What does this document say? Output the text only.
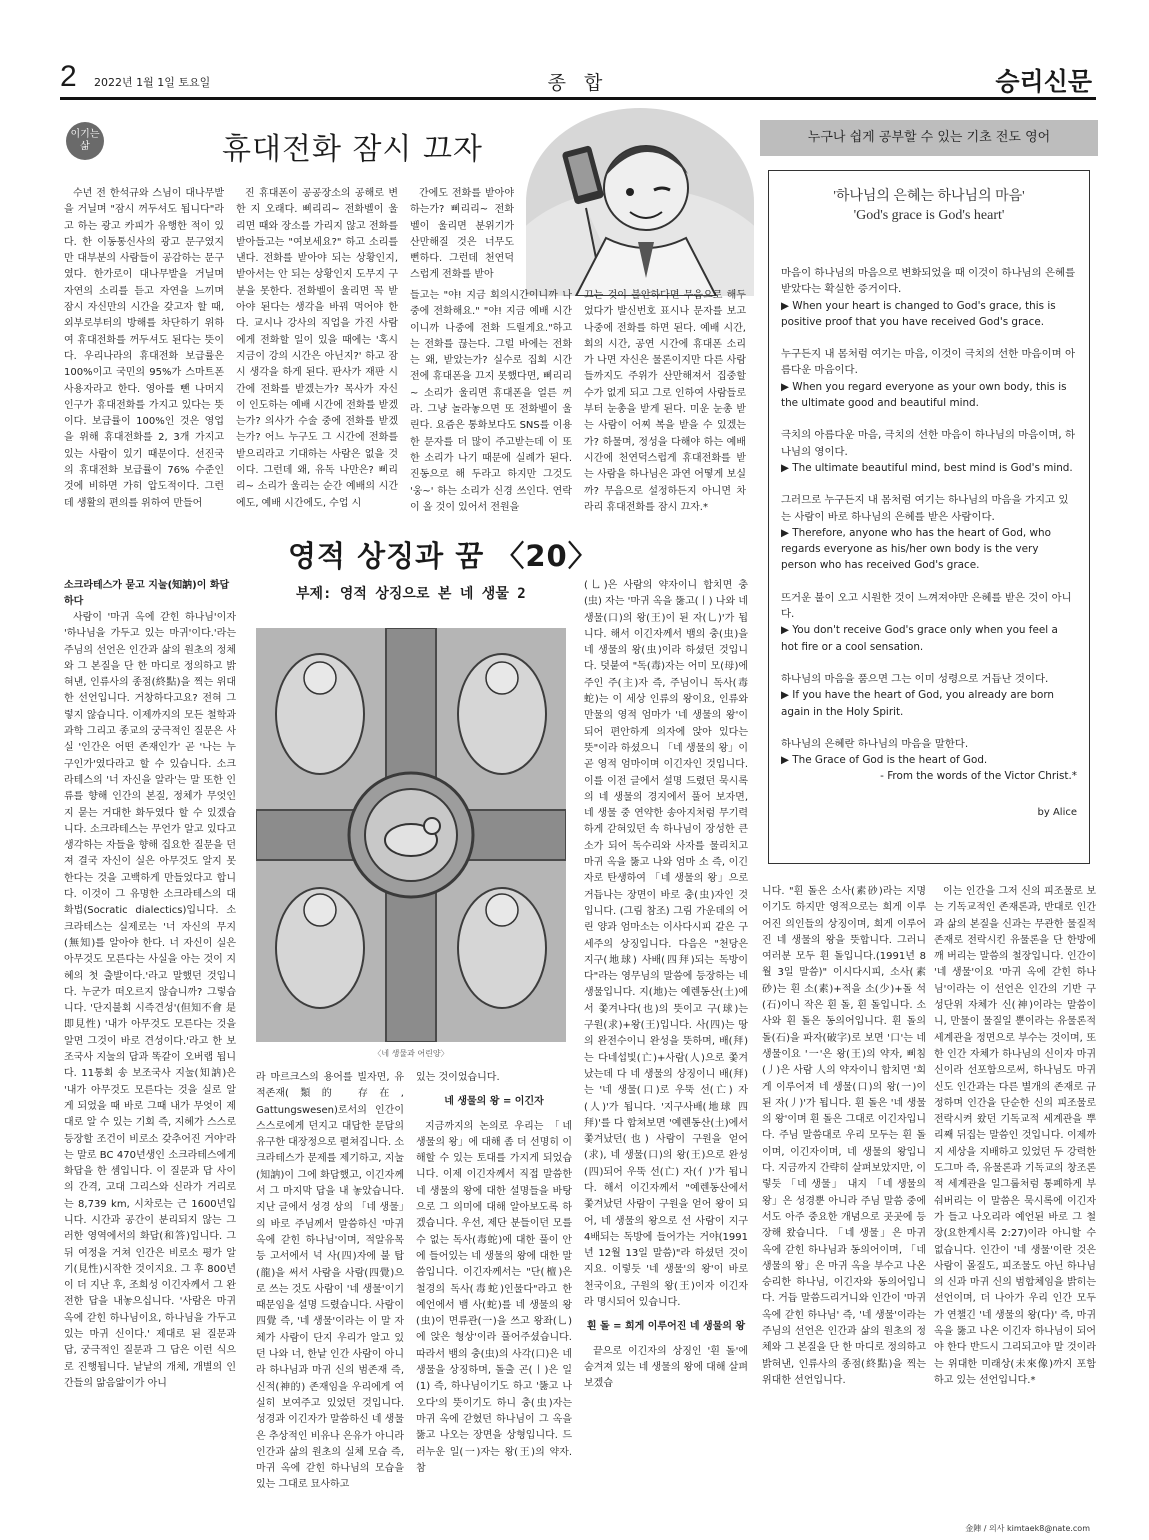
2 2022년 1월 1일 토요일	종 합	승리신문
이기는
삶	휴대전화 잠시 끄자

수년 전 한석규와 스님이 대나무밭을 거닐며 "잠시 꺼두셔도 됩니다"라고 하는 광고 카피가 유행한 적이 있다. 한 이동통신사의 광고 문구였지만 대부분의 사람들이 공감하는 문구였다. 한가로이 대나무밭을 거닐며 자연의 소리를 듣고 자연을 느끼며 잠시 자신만의 시간을 갖고자 할 때, 외부로부터의 방해를 차단하기 위하여 휴대전화를 꺼두셔도 된다는 뜻이다. 우리나라의 휴대전화 보급률은 100%이고 국민의 95%가 스마트폰 사용자라고 한다. 영아를 뺀 나머지 인구가 휴대전화를 가지고 있다는 뜻이다. 보급률이 100%인 것은 영업을 위해 휴대전화를 2, 3개 가지고 있는 사람이 있기 때문이다. 선진국의 휴대전화 보급률이 76% 수준인 것에 비하면 가히 압도적이다. 그런데 생활의 편의를 위하여 만들어

진 휴대폰이 공공장소의 공해로 변한 지 오래다. 삐리리~ 전화벨이 울리면 때와 장소를 가리지 않고 전화를 받아들고는 "여보세요?" 하고 소리를 낸다. 전화를 받아야 되는 상황인지, 받아서는 안 되는 상황인지 도무지 구분을 못한다. 전화벨이 울리면 꼭 받아야 된다는 생각을 바꿔 먹어야 한다. 교시나 강사의 직업을 가진 사람에게 전화할 일이 있을 때에는 '혹시 지금이 강의 시간은 아닌지?' 하고 잠시 생각을 하게 된다. 판사가 재판 시간에 전화를 받겠는가? 목사가 자신이 인도하는 예배 시간에 전화를 받겠는가? 의사가 수술 중에 전화를 받겠는가? 어느 누구도 그 시간에 전화를 받으리라고 기대하는 사람은 없을 것이다. 그런데 왜, 유독 나만은? 삐리리~ 소리가 울리는 순간 예배의 시간에도, 예배 시간에도, 수업 시

간에도 전화를 받아야 하는가? 삐리리~ 전화벨이 울리면 분위기가 산만해질 것은 너무도 뻔하다. 그런데 천연덕스럽게 전화를 받아

들고는 "야! 지금 회의시간이니까 나중에 전화해요." "야! 지금 예배 시간이니까 나중에 전화 드릴게요."하고는 전화를 끊는다. 그럴 바에는 전화는 왜, 받았는가? 실수로 집회 시간 전에 휴대폰을 끄지 못했다면, 삐리리~ 소리가 울리면 휴대폰을 얼른 꺼라. 그냥 놀라놓으면 또 전화벨이 울린다. 요즘은 통화보다도 SNS를 이용한 문자를 더 많이 주고받는데 이 또한 소리가 나기 때문에 실례가 된다. 진동으로 해 두라고 하지만 그것도 '웅~' 하는 소리가 신경 쓰인다. 연락이 올 것이 있어서 전원을

끄는 것이 불안하다면 무음으로 해두었다가 발신번호 표시나 문자를 보고 나중에 전화를 하면 된다. 예배 시간, 회의 시간, 공연 시간에 휴대폰 소리가 나면 자신은 물론이지만 다른 사람들까지도 주위가 산만해져서 집중할 수가 없게 되고 그로 인하여 사람들로부터 눈총을 받게 된다. 미운 눈총 받는 사람이 어찌 복을 받을 수 있겠는가? 하물며, 정성을 다해야 하는 예배 시간에 천연덕스럽게 휴대전화를 받는 사람을 하나님은 과연 어떻게 보실까? 무음으로 설정하든지 아니면 차라리 휴대전화를 잠시 끄자.*

누구나 쉽게 공부할 수 있는 기초 전도 영어
'하나님의 은혜는 하나님의 마음'
'God's grace is God's heart'
마음이 하나님의 마음으로 변화되었을 때 이것이 하나님의 은혜를 받았다는 확실한 증거이다.
▶ When your heart is changed to God's grace, this is positive proof that you have received God's grace.
누구든지 내 몸처럼 여기는 마음, 이것이 극치의 선한 마음이며 아름다운 마음이다.
▶ When you regard everyone as your own body, this is the ultimate good and beautiful mind.
극치의 아름다운 마음, 극치의 선한 마음이 하나님의 마음이며, 하나님의 영이다.
▶ The ultimate beautiful mind, best mind is God's mind.
그러므로 누구든지 내 몸처럼 여기는 하나님의 마음을 가지고 있는 사람이 바로 하나님의 은혜를 받은 사람이다.
▶ Therefore, anyone who has the heart of God, who regards everyone as his/her own body is the very person who has received God's grace.
뜨거운 불이 오고 시원한 것이 느껴져야만 은혜를 받은 것이 아니다.
▶ You don't receive God's grace only when you feel a hot fire or a cool sensation.
하나님의 마음을 품으면 그는 이미 성령으로 거듭난 것이다.
▶ If you have the heart of God, you already are born again in the Holy Spirit.
하나님의 은혜란 하나님의 마음을 말한다.
▶ The Grace of God is the heart of God.
- From the words of the Victor Christ.*
by Alice
영적 상징과 꿈 〈20〉
부제: 영적 상징으로 본 네 생물 2
소크라테스가 묻고 지눌(知訥)이 화답하다
〈네 생물과 어린양〉

사람이 '마귀 옥에 갇힌 하나님'이자 '하나님을 가두고 있는 마귀'이다.'라는 주님의 선언은 인간과 삶의 원초의 정체와 그 본질을 단 한 마디로 정의하고 밝혀낸, 인류사의 종점(終點)을 찍는 위대한 선언입니다. 거창하다고요? 전혀 그렇지 않습니다. 이제까지의 모든 철학과 과학 그리고 종교의 궁극적인 질문은 사실 '인간은 어떤 존재인가' 곧 '나는 누구인가'였다라고 할 수 있습니다. 소크라테스의 '너 자신을 알라'는 말 또한 인류를 향해 인간의 본질, 정체가 무엇인지 묻는 거대한 화두였다 할 수 있겠습니다. 소크라테스는 무언가 알고 있다고 생각하는 자들을 향해 집요한 질문을 던져 결국 자신이 실은 아무것도 알지 못한다는 것을 고백하게 만들었다고 합니다. 이것이 그 유명한 소크라테스의 대화법(Socratic dialectics)입니다. 소크라테스는 실제로는 '너 자신의 무지(無知)를 알아야 한다. 너 자신이 실은 아무것도 모른다는 사실을 아는 것이 지혜의 첫 출발이다.'라고 말했던 것입니다. 누군가 떠오르지 않습니까? 그렇습니다. '단지불회 시즉견성'(但知不會 是即見性) '내가 아무것도 모른다는 것을 알면 그것이 바로 견성이다.'라고 한 보조국사 지눌의 답과 똑같이 오버랩 됩니다. 11통회 송 보조국사 지눌(知訥)은 '내가 아무것도 모른다는 것을 실로 알게 되었을 때 바로 그때 내가 무엇이 제대로 알 수 있는 기회 즉, 지혜가 스스로 등장할 조건이 비로소 갖추어진 거야'라는 말로 BC 470년생인 소크라테스에게 화답을 한 셈입니다. 이 질문과 답 사이의 간격, 고대 그리스와 신라가 거리로는 8,739 km, 시차로는 근 1600년입니다. 시간과 공간이 분리되지 않는 그러한 영역에서의 화답(和答)입니다. 그 뒤 여정을 거쳐 인간은 비로소 평가 알기(見性)시작한 것이지요. 그 후 800년이 더 지난 후, 조희성 이긴자께서 그 완전한 답을 내놓으십니다. '사람은 마귀 옥에 갇힌 하나님이요, 하나님을 가두고 있는 마귀 신이다.' 제대로 된 질문과 답, 궁극적인 질문과 그 답은 이런 식으로 진행됩니다. 낱낱의 개체, 개별의 인간들의 앎음앎이가 아니

라 마르크스의 용어를 빌자면, 유적존재(類的 存在, Gattungswesen)로서의 인간이 스스로에게 던지고 대답한 문답의 유구한 대장정으로 펼쳐집니다. 소크라테스가 문제를 제기하고, 지눌(知訥)이 그에 화답했고, 이긴자께서 그 마지막 답을 내 놓았습니다. 지난 글에서 성경 상의 「네 생물」의 바로 주님께서 말씀하신 '마귀 옥에 갇힌 하나님'이며, 적알유목 등 고서에서 넉 사(四)자에 불 탑(龍)을 써서 사람을 사람(四覺)으로 쓰는 것도 사람이 '네 생물'이기 때문임을 설명 드렸습니다. 사람이 四覺 즉, '네 생물'이라는 이 말 자체가 사람이 단지 우리가 알고 있던 나와 너, 한낱 인간 사람이 아니라 하나님과 마귀 신의 범존재 즉, 신적(神的) 존재임을 우리에게 여실히 보여주고 있었던 것입니다. 성경과 이긴자가 말씀하신 네 생물은 추상적인 비유나 은유가 아니라 인간과 삶의 원초의 실체 모습 즉, 마귀 옥에 갇힌 하나님의 모습을 있는 그대로 묘사하고

있는 것이었습니다.

네 생물의 왕 = 이긴자

지금까지의 논의로 우리는 「네 생물의 왕」에 대해 좀 더 선명히 이해할 수 있는 토대를 가지게 되었습니다. 이제 이긴자께서 직접 말씀한 네 생물의 왕에 대한 설명들을 바탕으로 그 의미에 대해 알아보도록 하겠습니다. 우선, 제단 분들이던 모를 수 없는 독사(毒蛇)에 대한 풀이 안에 들어있는 네 생물의 왕에 대한 말씀입니다. 이긴자께서는 "단(檀)은 철경의 독사(毒蛇)인물다"라고 한 예언에서 뱀 사(蛇)를 네 생물의 왕(虫)이 면류관(一)을 쓰고 왕좌(乚)에 앉은 형상'이라 풀어주셨습니다. 따라서 뱀의 충(虫)의 사각(口)은 네 생물을 상징하며, 돌출 곤(丨)은 일(1) 즉, 하나님이기도 하고 '뚫고 나오다'의 뜻이기도 하니 충(虫)자는 마귀 옥에 갇혔던 하나님이 그 옥을 뚫고 나오는 장면을 상형입니다. 드러누운 일(一)자는 왕(王)의 약자. 참

(乚)은 사람의 약자이니 합치면 충(虫) 자는 '마귀 옥을 뚫고(丨) 나와 네 생물(口)의 왕(王)이 된 자(乚)'가 됩니다. 해서 이긴자께서 뱀의 충(虫)을 네 생물의 왕(虫)이라 하셨던 것입니다. 덧붙여 "독(毒)자는 어미 모(母)에 주인 주(主)자 즉, 주님이니 독사(毒蛇)는 이 세상 인류의 왕이요, 인류와 만물의 영적 엄마가 '네 생물의 왕'이 되어 편안하게 의자에 앉아 있다는 뜻"이라 하셨으니 「네 생물의 왕」이 곧 영적 엄마이며 이긴자인 것입니다. 이를 이전 글에서 설명 드렸던 묵시록의 네 생물의 경지에서 풀어 보자면, 네 생물 중 연약한 송아지처럼 무기력하게 갇혀있던 속 하나님이 장성한 큰 소가 되어 독수리와 사자를 물리치고 마귀 옥을 뚫고 나와 엄마 소 즉, 이긴자로 탄생하여 「네 생물의 왕」으로 거듭나는 장면이 바로 충(虫)자인 것입니다. (그림 참조) 그림 가운데의 어린 양과 엄마소는 이사다시피 같은 구세주의 상징입니다. 다음은 "천당은 지구(地球) 사배(四拜)되는 독방이다"라는 영무님의 말씀에 등장하는 네 생물입니다. 지(地)는 예렌동산(土)에서 쫓겨나다(也)의 뜻이고 구(球)는 구원(求)+왕(王)입니다. 사(四)는 땅의 완전수이니 완성을 뜻하며, 배(拜)는 다네섭빛(亡)+사람(人)으로 쫓겨났는데 다 네 생물의 상징이니 배(拜)는 '네 생물(口)로 우뚝 선(亡) 자(人)'가 됩니다. '지구사배(地球 四拜)'를 다 합쳐보면 '예렌동산(土)에서 쫓겨났던(也) 사람이 구원을 얻어(求), 네 생물(口)의 왕(王)으로 완성(四)되어 우뚝 선(亡) 자(亻)'가 됩니다. 해서 이긴자께서 "예렌동산에서 쫓겨났던 사람이 구원을 얻어 왕이 되어, 네 생물의 왕으로 선 사람이 지구 4배되는 독방에 들어가는 거야(1991년 12월 13일 말씀)"라 하셨던 것이지요. 이렇듯 '네 생물'의 왕'이 바로 천국이요, 구원의 왕(王)이자 이긴자라 명시되어 있습니다.

흰 돌 = 희게 이루어진 네 생물의 왕

끝으로 이긴자의 상징인 '흰 돌'에 숨겨져 있는 네 생물의 왕에 대해 살펴보겠습

니다. "흰 돌은 소사(素砂)라는 지명이기도 하지만 영적으로는 희게 이루어진 의인들의 상징이며, 희게 이루어진 네 생물의 왕을 뜻합니다. 그러니 여러분 모두 흰 돌입니다.(1991년 8월 3일 말씀)" 이시다시피, 소사(素砂)는 흰 소(素)+적을 소(少)+돌 석(石)이니 작은 흰 돌, 흰 돌입니다. 소사와 흰 돌은 동의어입니다. 흰 돌의 돌(石)을 파자(破字)로 보면 '口'는 네 생물이요 '一'은 왕(王)의 약자, 삐침(丿)은 사람 人의 약자이니 합치면 '희게 이루어져 네 생물(口)의 왕(一)이 된 자(丿)'가 됩니다. 흰 돌은 '네 생물의 왕'이며 흰 돌은 그대로 이긴자입니다. 주님 말씀대로 우리 모두는 흰 돌이며, 이긴자이며, 네 생물의 왕입니다. 지금까지 간략히 살펴보았지만, 이렇듯 「네 생물」 내지 「네 생물의 왕」은 성경뿐 아니라 주님 말씀 중에서도 아주 중요한 개념으로 곳곳에 등장해 왔습니다. 「네 생물」은 마귀 옥에 갇힌 하나님과 동의어이며, 「네 생물의 왕」은 마귀 옥을 부수고 나온 승리한 하나님, 이긴자와 동의어입니다. 거듭 말씀드리거니와 인간이 '마귀 옥에 갇힌 하나님' 즉, '네 생물'이라는 주님의 선언은 인간과 삶의 원초의 정체와 그 본질을 단 한 마디로 정의하고 밝혀낸, 인류사의 종점(終點)을 찍는 위대한 선언입니다.

이는 인간을 그저 신의 피조물로 보는 기독교적인 존재론과, 반대로 인간과 삶의 본질을 신과는 무관한 물질적 존재로 전락시킨 유물론을 단 한방에 깨 버리는 말씀의 철장입니다. 인간이 '네 생물'이요 '마귀 옥에 갇힌 하나님'이라는 이 선언은 인간의 기반 구성단위 자체가 신(神)이라는 말씀이니, 만물이 물질일 뿐이라는 유물론적 세계관을 정면으로 부수는 것이며, 또한 인간 자체가 하나님의 신이자 마귀 신이라 선포함으로써, 하나님도 마귀 신도 인간과는 다른 별개의 존재로 규정하며 인간을 단순한 신의 피조물로 전락시켜 왔던 기독교적 세계관을 뿌리째 뒤집는 말씀인 것입니다. 이제까지 세상을 지배하고 있었던 두 강력한 도그마 즉, 유물론과 기독교의 창조론적 세계관을 일그룹처럼 통폐하게 부숴버리는 이 말씀은 묵시록에 이긴자가 들고 나오리라 예언된 바로 그 철장(요한계시록 2:27)이라 아니할 수 없습니다. 인간이 '네 생물'이란 것은 사람이 몰질도, 피조물도 아닌 하나님의 신과 마귀 신의 범합체임을 밝히는 선언이며, 더 나아가 우리 인간 모두가 연챌긴 '네 생물의 왕(다)' 즉, 마귀 옥을 뚫고 나온 이긴자 하나님이 되어야 한다 반드시 그리되고야 말 것이라는 위대한 미래상(未來像)까지 포함하고 있는 선언입니다.*

金陣 / 의사 kimtaek8@nate.com
